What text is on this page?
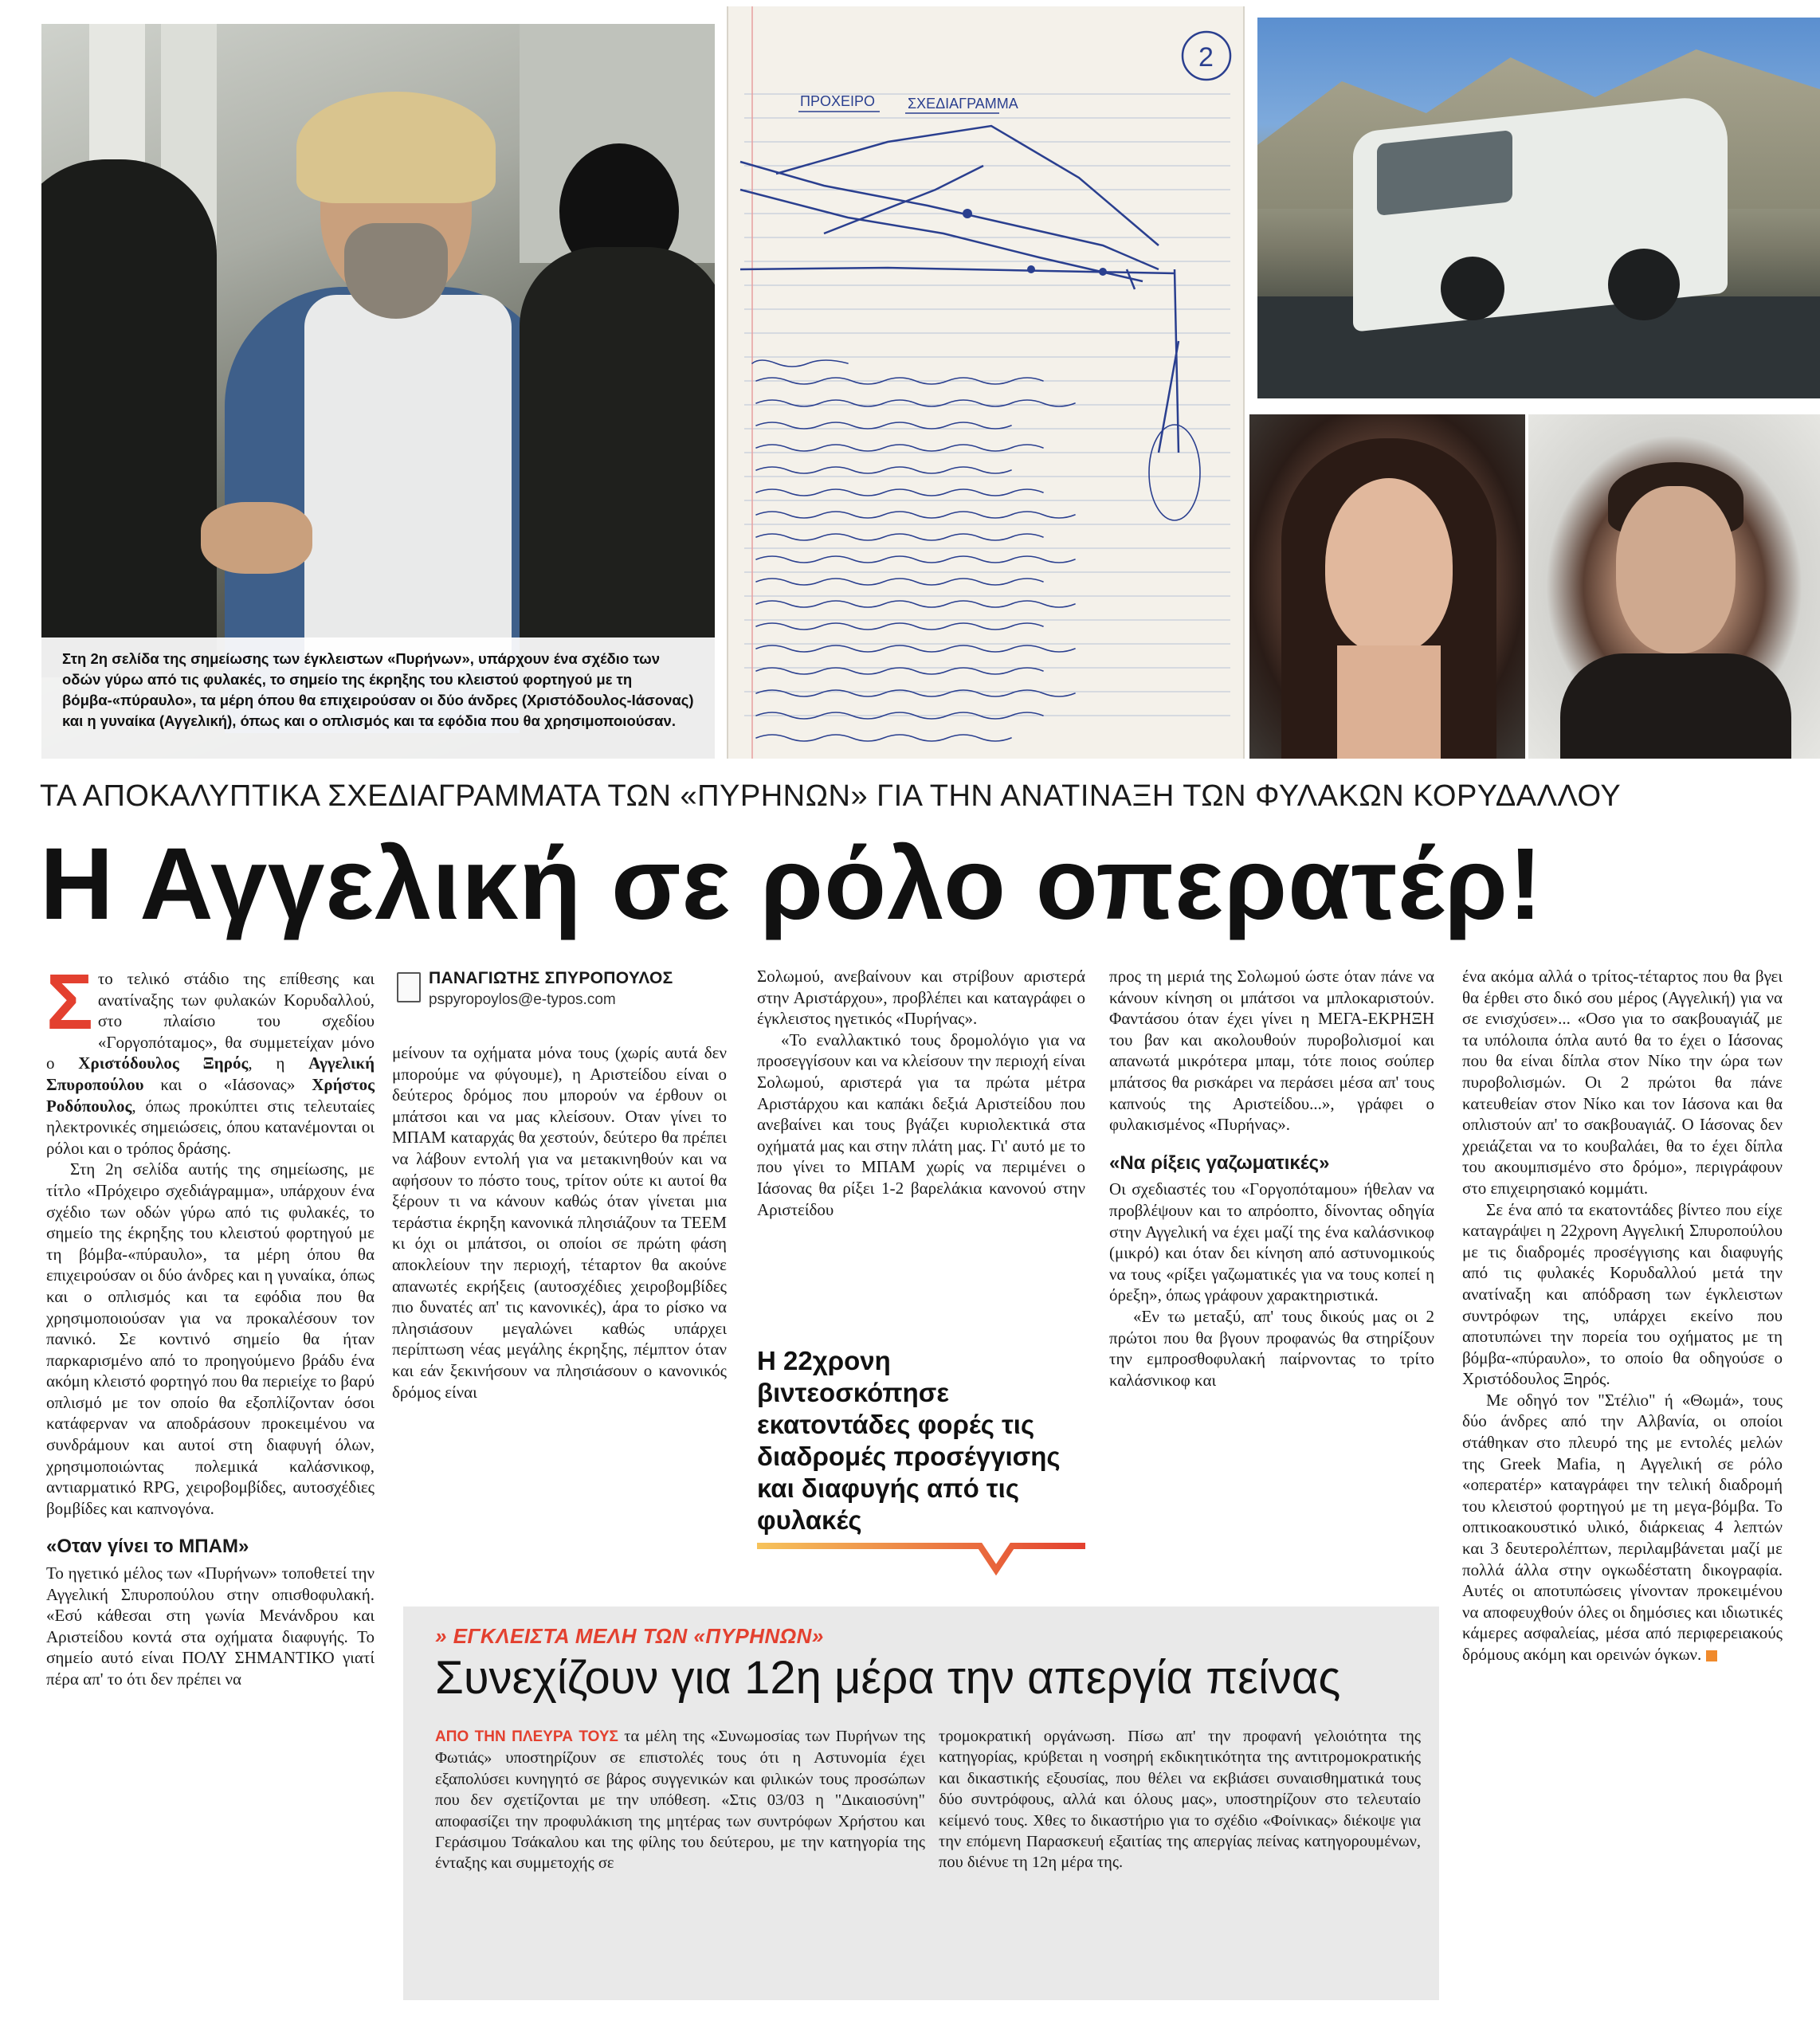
Στη 2η σελίδα της σημείωσης των έγκλειστων «Πυρήνων», υπάρχουν ένα σχέδιο των οδών γύρω από τις φυλακές, το σημείο της έκρηξης του κλειστού φορτηγού με τη βόμβα-«πύραυλο», τα μέρη όπου θα επιχειρούσαν οι δύο άνδρες (Χριστόδουλος-Ιάσονας) και η γυναίκα (Αγγελική), όπως και ο οπλισμός και τα εφόδια που θα χρησιμοποιούσαν.
2
ΠΡΟΧΕΙΡΟ ΣΧΕΔΙΑΓΡΑΜΜΑ
ΤΑ ΑΠΟΚΑΛΥΠΤΙΚΑ ΣΧΕΔΙΑΓΡΑΜΜΑΤΑ ΤΩΝ «ΠΥΡΗΝΩΝ» ΓΙΑ ΤΗΝ ΑΝΑΤΙΝΑΞΗ ΤΩΝ ΦΥΛΑΚΩΝ ΚΟΡΥΔΑΛΛΟΥ
Η Αγγελική σε ρόλο οπερατέρ!
ΠΑΝΑΓΙΩΤΗΣ ΣΠΥΡΟΠΟΥΛΟΣ
pspyropoylos@e-typos.com

Στο τελικό στάδιο της επίθεσης και ανατίναξης των φυλακών Κορυδαλλού, στο πλαίσιο του σχεδίου «Γοργοπόταμος», θα συμμετείχαν μόνο ο Χριστόδουλος Ξηρός, η Αγγελική Σπυροπούλου και ο «Ιάσονας» Χρήστος Ροδόπουλος, όπως προκύπτει στις τελευταίες ηλεκτρονικές σημειώσεις, όπου κατανέμονται οι ρόλοι και ο τρόπος δράσης.

Στη 2η σελίδα αυτής της σημείωσης, με τίτλο «Πρόχειρο σχεδιάγραμμα», υπάρχουν ένα σχέδιο των οδών γύρω από τις φυλακές, το σημείο της έκρηξης του κλειστού φορτηγού με τη βόμβα-«πύραυλο», τα μέρη όπου θα επιχειρούσαν οι δύο άνδρες και η γυναίκα, όπως και ο οπλισμός και τα εφόδια που θα χρησιμοποιούσαν για να προκαλέσουν τον πανικό. Σε κοντινό σημείο θα ήταν παρκαρισμένο από το προηγούμενο βράδυ ένα ακόμη κλειστό φορτηγό που θα περιείχε το βαρύ οπλισμό με τον οποίο θα εξοπλίζονταν όσοι κατάφερναν να αποδράσουν προκειμένου να συνδράμουν και αυτοί στη διαφυγή όλων, χρησιμοποιώντας πολεμικά καλάσνικοφ, αντιαρματικό RPG, χειροβομβίδες, αυτοσχέδιες βομβίδες και καπνογόνα.

«Οταν γίνει το ΜΠΑΜ»

Το ηγετικό μέλος των «Πυρήνων» τοποθετεί την Αγγελική Σπυροπούλου στην οπισθοφυλακή. «Εσύ κάθεσαι στη γωνία Μενάνδρου και Αριστείδου κοντά στα οχήματα διαφυγής. Το σημείο αυτό είναι ΠΟΛΥ ΣΗΜΑΝΤΙΚΟ γιατί πέρα απ' το ότι δεν πρέπει να

μείνουν τα οχήματα μόνα τους (χωρίς αυτά δεν μπορούμε να φύγουμε), η Αριστείδου είναι ο δεύτερος δρόμος που μπορούν να έρθουν οι μπάτσοι και να μας κλείσουν. Οταν γίνει το ΜΠΑΜ καταρχάς θα χεστούν, δεύτερο θα πρέπει να λάβουν εντολή για να μετακινηθούν και να αφήσουν το πόστο τους, τρίτον ούτε κι αυτοί θα ξέρουν τι να κάνουν καθώς όταν γίνεται μια τεράστια έκρηξη κανονικά πλησιάζουν τα ΤΕΕΜ κι όχι οι μπάτσοι, οι οποίοι σε πρώτη φάση αποκλείουν την περιοχή, τέταρτον θα ακούνε απανωτές εκρήξεις (αυτοσχέδιες χειροβομβίδες πιο δυνατές απ' τις κανονικές), άρα το ρίσκο να πλησιάσουν μεγαλώνει καθώς υπάρχει περίπτωση νέας μεγάλης έκρηξης, πέμπτον όταν και εάν ξεκινήσουν να πλησιάσουν ο κανονικός δρόμος είναι

Σολωμού, ανεβαίνουν και στρίβουν αριστερά στην Αριστάρχου», προβλέπει και καταγράφει ο έγκλειστος ηγετικός «Πυρήνας».

«Το εναλλακτικό τους δρομολόγιο για να προσεγγίσουν και να κλείσουν την περιοχή είναι Σολωμού, αριστερά για τα πρώτα μέτρα Αριστάρχου και καπάκι δεξιά Αριστείδου που ανεβαίνει και τους βγάζει κυριολεκτικά στα οχήματά μας και στην πλάτη μας. Γι' αυτό με το που γίνει το ΜΠΑΜ χωρίς να περιμένει ο Ιάσονας θα ρίξει 1-2 βαρελάκια κανονού στην Αριστείδου

Η 22χρονη βιντεοσκόπησε εκατοντάδες φορές τις διαδρομές προσέγγισης και διαφυγής από τις φυλακές

προς τη μεριά της Σολωμού ώστε όταν πάνε να κάνουν κίνηση οι μπάτσοι να μπλοκαριστούν. Φαντάσου όταν έχει γίνει η ΜΕΓΑ-ΕΚΡΗΞΗ του βαν και ακολουθούν πυροβολισμοί και απανωτά μικρότερα μπαμ, τότε ποιος σούπερ μπάτσος θα ρισκάρει να περάσει μέσα απ' τους καπνούς της Αριστείδου...», γράφει ο φυλακισμένος «Πυρήνας».

«Να ρίξεις γαζωματικές»

Οι σχεδιαστές του «Γοργοπόταμου» ήθελαν να προβλέψουν και το απρόοπτο, δίνοντας οδηγία στην Αγγελική να έχει μαζί της ένα καλάσνικοφ (μικρό) και όταν δει κίνηση από αστυνομικούς να τους «ρίξει γαζωματικές για να τους κοπεί η όρεξη», όπως γράφουν χαρακτηριστικά.

«Εν τω μεταξύ, απ' τους δικούς μας οι 2 πρώτοι που θα βγουν προφανώς θα στηρίξουν την εμπροσθοφυλακή παίρνοντας το τρίτο καλάσνικοφ και

ένα ακόμα αλλά ο τρίτος-τέταρτος που θα βγει θα έρθει στο δικό σου μέρος (Αγγελική) για να σε ενισχύσει»... «Οσο για το σακβουαγιάζ με τα υπόλοιπα όπλα αυτό θα το έχει ο Ιάσονας που θα είναι δίπλα στον Νίκο την ώρα των πυροβολισμών. Οι 2 πρώτοι θα πάνε κατευθείαν στον Νίκο και τον Ιάσονα και θα οπλιστούν απ' το σακβουαγιάζ. Ο Ιάσονας δεν χρειάζεται να το κουβαλάει, θα το έχει δίπλα του ακουμπισμένο στο δρόμο», περιγράφουν στο επιχειρησιακό κομμάτι.

Σε ένα από τα εκατοντάδες βίντεο που είχε καταγράψει η 22χρονη Αγγελική Σπυροπούλου με τις διαδρομές προσέγγισης και διαφυγής από τις φυλακές Κορυδαλλού μετά την ανατίναξη και απόδραση των έγκλειστων συντρόφων της, υπάρχει εκείνο που αποτυπώνει την πορεία του οχήματος με τη βόμβα-«πύραυλο», το οποίο θα οδηγούσε ο Χριστόδουλος Ξηρός.

Με οδηγό τον "Στέλιο" ή «Θωμά», τους δύο άνδρες από την Αλβανία, οι οποίοι στάθηκαν στο πλευρό της με εντολές μελών της Greek Mafia, η Αγγελική σε ρόλο «οπερατέρ» καταγράφει την τελική διαδρομή του κλειστού φορτηγού με τη μεγα-βόμβα. Το οπτικοακουστικό υλικό, διάρκειας 4 λεπτών και 3 δευτερολέπτων, περιλαμβάνεται μαζί με πολλά άλλα στην ογκωδέστατη δικογραφία. Αυτές οι αποτυπώσεις γίνονταν προκειμένου να αποφευχθούν όλες οι δημόσιες και ιδιωτικές κάμερες ασφαλείας, μέσα από περιφερειακούς δρόμους ακόμη και ορεινών όγκων.

» ΕΓΚΛΕΙΣΤΑ ΜΕΛΗ ΤΩΝ «ΠΥΡΗΝΩΝ»
Συνεχίζουν για 12η μέρα την απεργία πείνας
ΑΠΟ ΤΗΝ ΠΛΕΥΡΑ ΤΟΥΣ τα μέλη της «Συνωμοσίας των Πυρήνων της Φωτιάς» υποστηρίζουν σε επιστολές τους ότι η Αστυνομία έχει εξαπολύσει κυνηγητό σε βάρος συγγενικών και φιλικών τους προσώπων που δεν σχετίζονται με την υπόθεση. «Στις 03/03 η "Δικαιοσύνη" αποφασίζει την προφυλάκιση της μητέρας των συντρόφων Χρήστου και Γεράσιμου Τσάκαλου και της φίλης του δεύτερου, με την κατηγορία της ένταξης και συμμετοχής σε
τρομοκρατική οργάνωση. Πίσω απ' την προφανή γελοιότητα της κατηγορίας, κρύβεται η νοσηρή εκδικητικότητα της αντιτρομοκρατικής και δικαστικής εξουσίας, που θέλει να εκβιάσει συναισθηματικά τους δύο συντρόφους, αλλά και όλους μας», υποστηρίζουν στο τελευταίο κείμενό τους. Χθες το δικαστήριο για το σχέδιο «Φοίνικας» διέκοψε για την επόμενη Παρασκευή εξαιτίας της απεργίας πείνας κατηγορουμένων, που διένυε τη 12η μέρα της.
